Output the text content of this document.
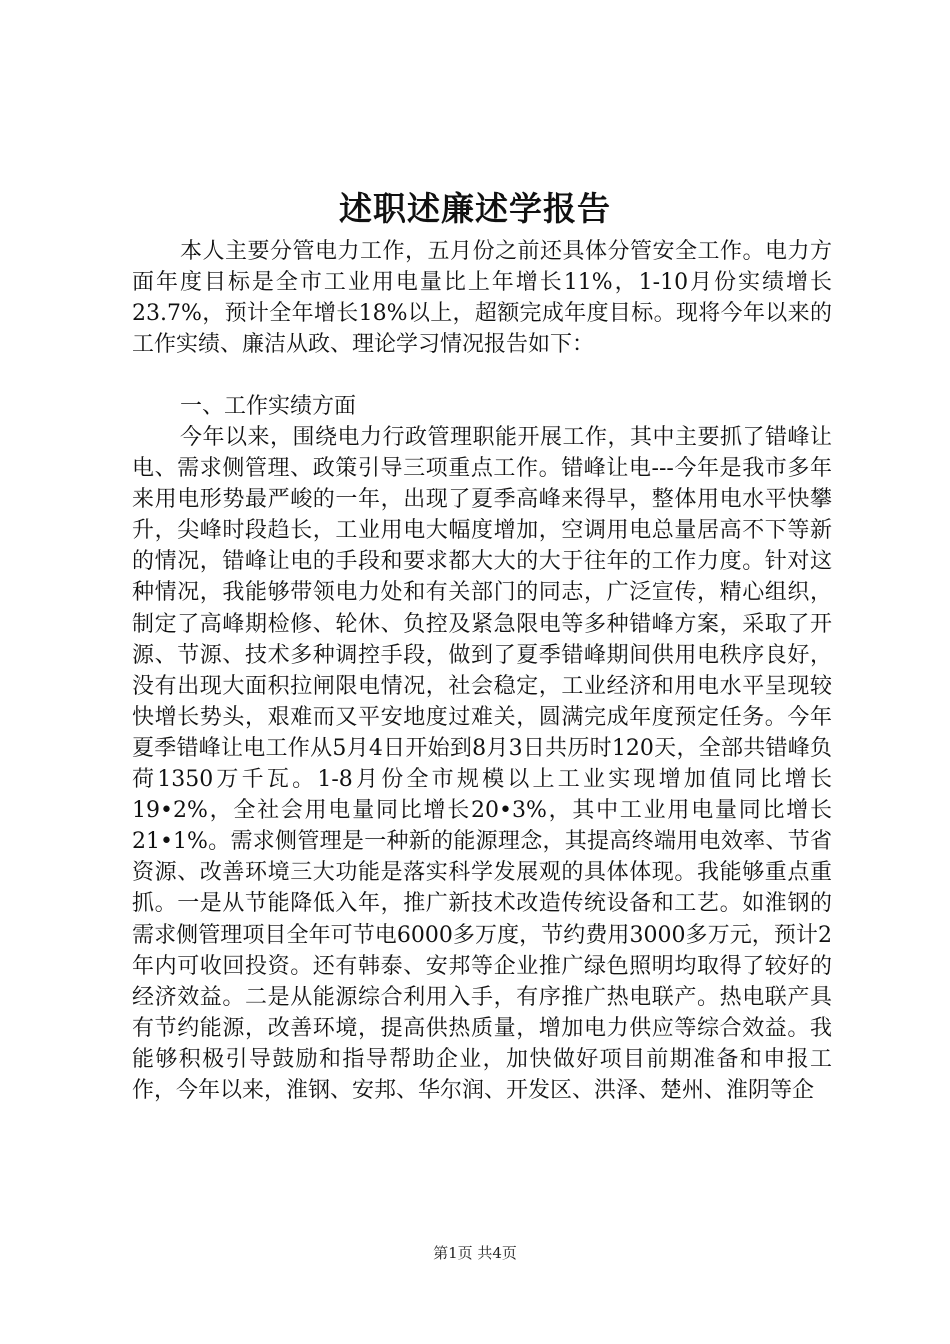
述职述廉述学报告

本人主要分管电力工作，五月份之前还具体分管安全工作。电力方面年度目标是全市工业用电量比上年增长11%，1-10月份实绩增长23.7%，预计全年增长18%以上，超额完成年度目标。现将今年以来的工作实绩、廉洁从政、理论学习情况报告如下：

一、工作实绩方面

今年以来，围绕电力行政管理职能开展工作，其中主要抓了错峰让电、需求侧管理、政策引导三项重点工作。错峰让电---今年是我市多年来用电形势最严峻的一年，出现了夏季高峰来得早，整体用电水平快攀升，尖峰时段趋长，工业用电大幅度增加，空调用电总量居高不下等新的情况，错峰让电的手段和要求都大大的大于往年的工作力度。针对这种情况，我能够带领电力处和有关部门的同志，广泛宣传，精心组织，制定了高峰期检修、轮休、负控及紧急限电等多种错峰方案，采取了开源、节源、技术多种调控手段，做到了夏季错峰期间供用电秩序良好，没有出现大面积拉闸限电情况，社会稳定，工业经济和用电水平呈现较快增长势头，艰难而又平安地度过难关，圆满完成年度预定任务。今年夏季错峰让电工作从5月4日开始到8月3日共历时120天，全部共错峰负荷1350万千瓦。1-8月份全市规模以上工业实现增加值同比增长19•2%，全社会用电量同比增长20•3%，其中工业用电量同比增长21•1%。需求侧管理是一种新的能源理念，其提高终端用电效率、节省资源、改善环境三大功能是落实科学发展观的具体体现。我能够重点重抓。一是从节能降低入年，推广新技术改造传统设备和工艺。如淮钢的需求侧管理项目全年可节电6000多万度，节约费用3000多万元，预计2年内可收回投资。还有韩泰、安邦等企业推广绿色照明均取得了较好的经济效益。二是从能源综合利用入手，有序推广热电联产。热电联产具有节约能源，改善环境，提高供热质量，增加电力供应等综合效益。我能够积极引导鼓励和指导帮助企业，加快做好项目前期准备和申报工作，今年以来，淮钢、安邦、华尔润、开发区、洪泽、楚州、淮阴等企

第1页 共4页
